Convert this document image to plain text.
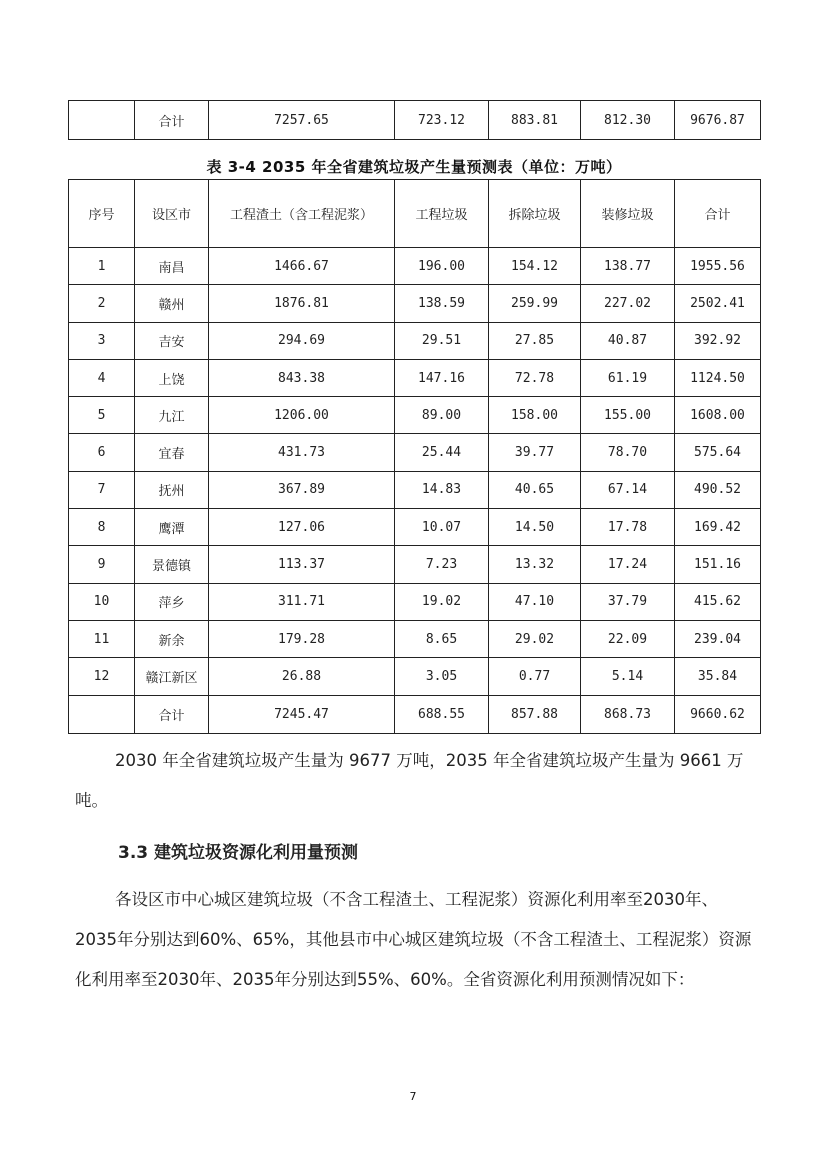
	合计	7257.65	723.12	883.81	812.30	9676.87
表 3-4 2035 年全省建筑垃圾产生量预测表（单位：万吨）
序号	设区市	工程渣土（含工程泥浆）	工程垃圾	拆除垃圾	装修垃圾	合计
1	南昌	1466.67	196.00	154.12	138.77	1955.56
2	赣州	1876.81	138.59	259.99	227.02	2502.41
3	吉安	294.69	29.51	27.85	40.87	392.92
4	上饶	843.38	147.16	72.78	61.19	1124.50
5	九江	1206.00	89.00	158.00	155.00	1608.00
6	宜春	431.73	25.44	39.77	78.70	575.64
7	抚州	367.89	14.83	40.65	67.14	490.52
8	鹰潭	127.06	10.07	14.50	17.78	169.42
9	景德镇	113.37	7.23	13.32	17.24	151.16
10	萍乡	311.71	19.02	47.10	37.79	415.62
11	新余	179.28	8.65	29.02	22.09	239.04
12	赣江新区	26.88	3.05	0.77	5.14	35.84
	合计	7245.47	688.55	857.88	868.73	9660.62
2030 年全省建筑垃圾产生量为 9677 万吨，2035 年全省建筑垃圾产生量为 9661 万吨。
3.3 建筑垃圾资源化利用量预测
各设区市中心城区建筑垃圾（不含工程渣土、工程泥浆）资源化利用率至2030年、2035年分别达到60%、65%，其他县市中心城区建筑垃圾（不含工程渣土、工程泥浆）资源化利用率至2030年、2035年分别达到55%、60%。全省资源化利用预测情况如下：
7
